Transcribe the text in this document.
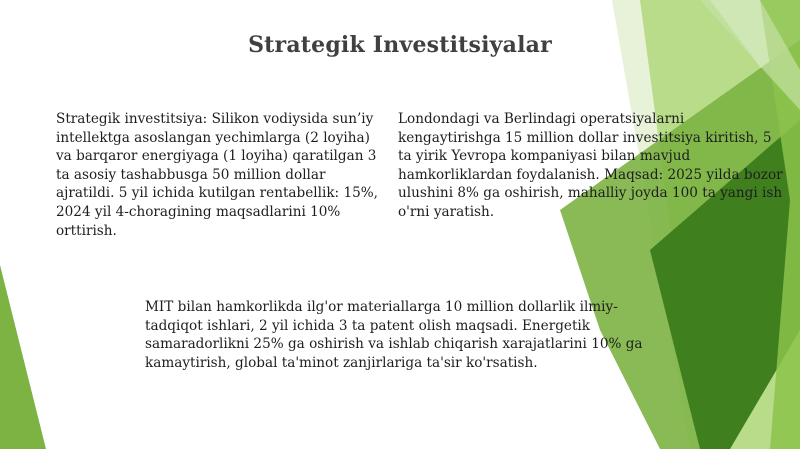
Strategik Investitsiyalar

Strategik investitsiya: Silikon vodiysida sun’iy intellektga asoslangan yechimlarga (2 loyiha) va barqaror energiyaga (1 loyiha) qaratilgan 3 ta asosiy tashabbusga 50 million dollar ajratildi. 5 yil ichida kutilgan rentabellik: 15%, 2024 yil 4-choragining maqsadlarini 10% orttirish.

Londondagi va Berlindagi operatsiyalarni kengaytirishga 15 million dollar investitsiya kiritish, 5 ta yirik Yevropa kompaniyasi bilan mavjud hamkorliklardan foydalanish. Maqsad: 2025 yilda bozor ulushini 8% ga oshirish, mahalliy joyda 100 ta yangi ish o'rni yaratish.

MIT bilan hamkorlikda ilg'or materiallarga 10 million dollarlik ilmiy-tadqiqot ishlari, 2 yil ichida 3 ta patent olish maqsadi. Energetik samaradorlikni 25% ga oshirish va ishlab chiqarish xarajatlarini 10% ga kamaytirish, global ta'minot zanjirlariga ta'sir ko'rsatish.
